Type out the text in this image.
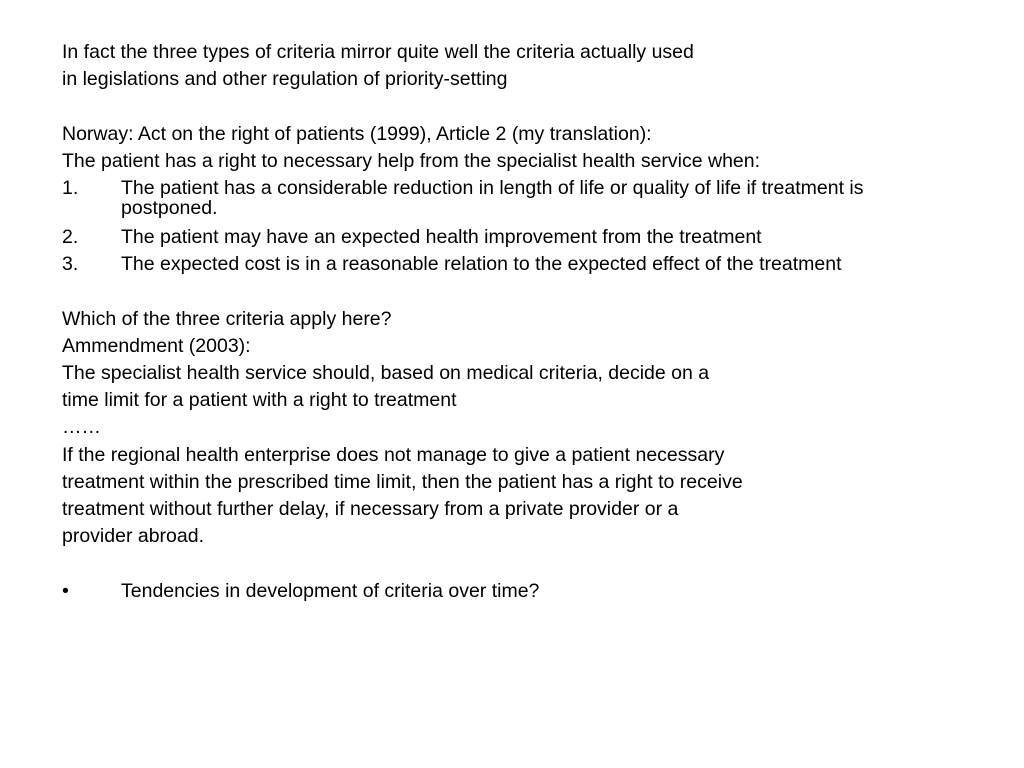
In fact the three types of criteria mirror quite well the criteria actually used
in legislations and other regulation of priority-setting
Norway: Act on the right of patients (1999), Article 2 (my translation):
The patient has a right to necessary help from the specialist health service when:
1. The patient has a considerable reduction in length of life or quality of life if treatment is
postponed.
2. The patient may have an expected health improvement from the treatment
3. The expected cost is in a reasonable relation to the expected effect of the treatment
Which of the three criteria apply here?
Ammendment (2003):
The specialist health service should, based on medical criteria, decide on a
time limit for a patient with a right to treatment
……
If the regional health enterprise does not manage to give a patient necessary
treatment within the prescribed time limit, then the patient has a right to receive
treatment without further delay, if necessary from a private provider or a
provider abroad.
•	Tendencies in development of criteria over time?
